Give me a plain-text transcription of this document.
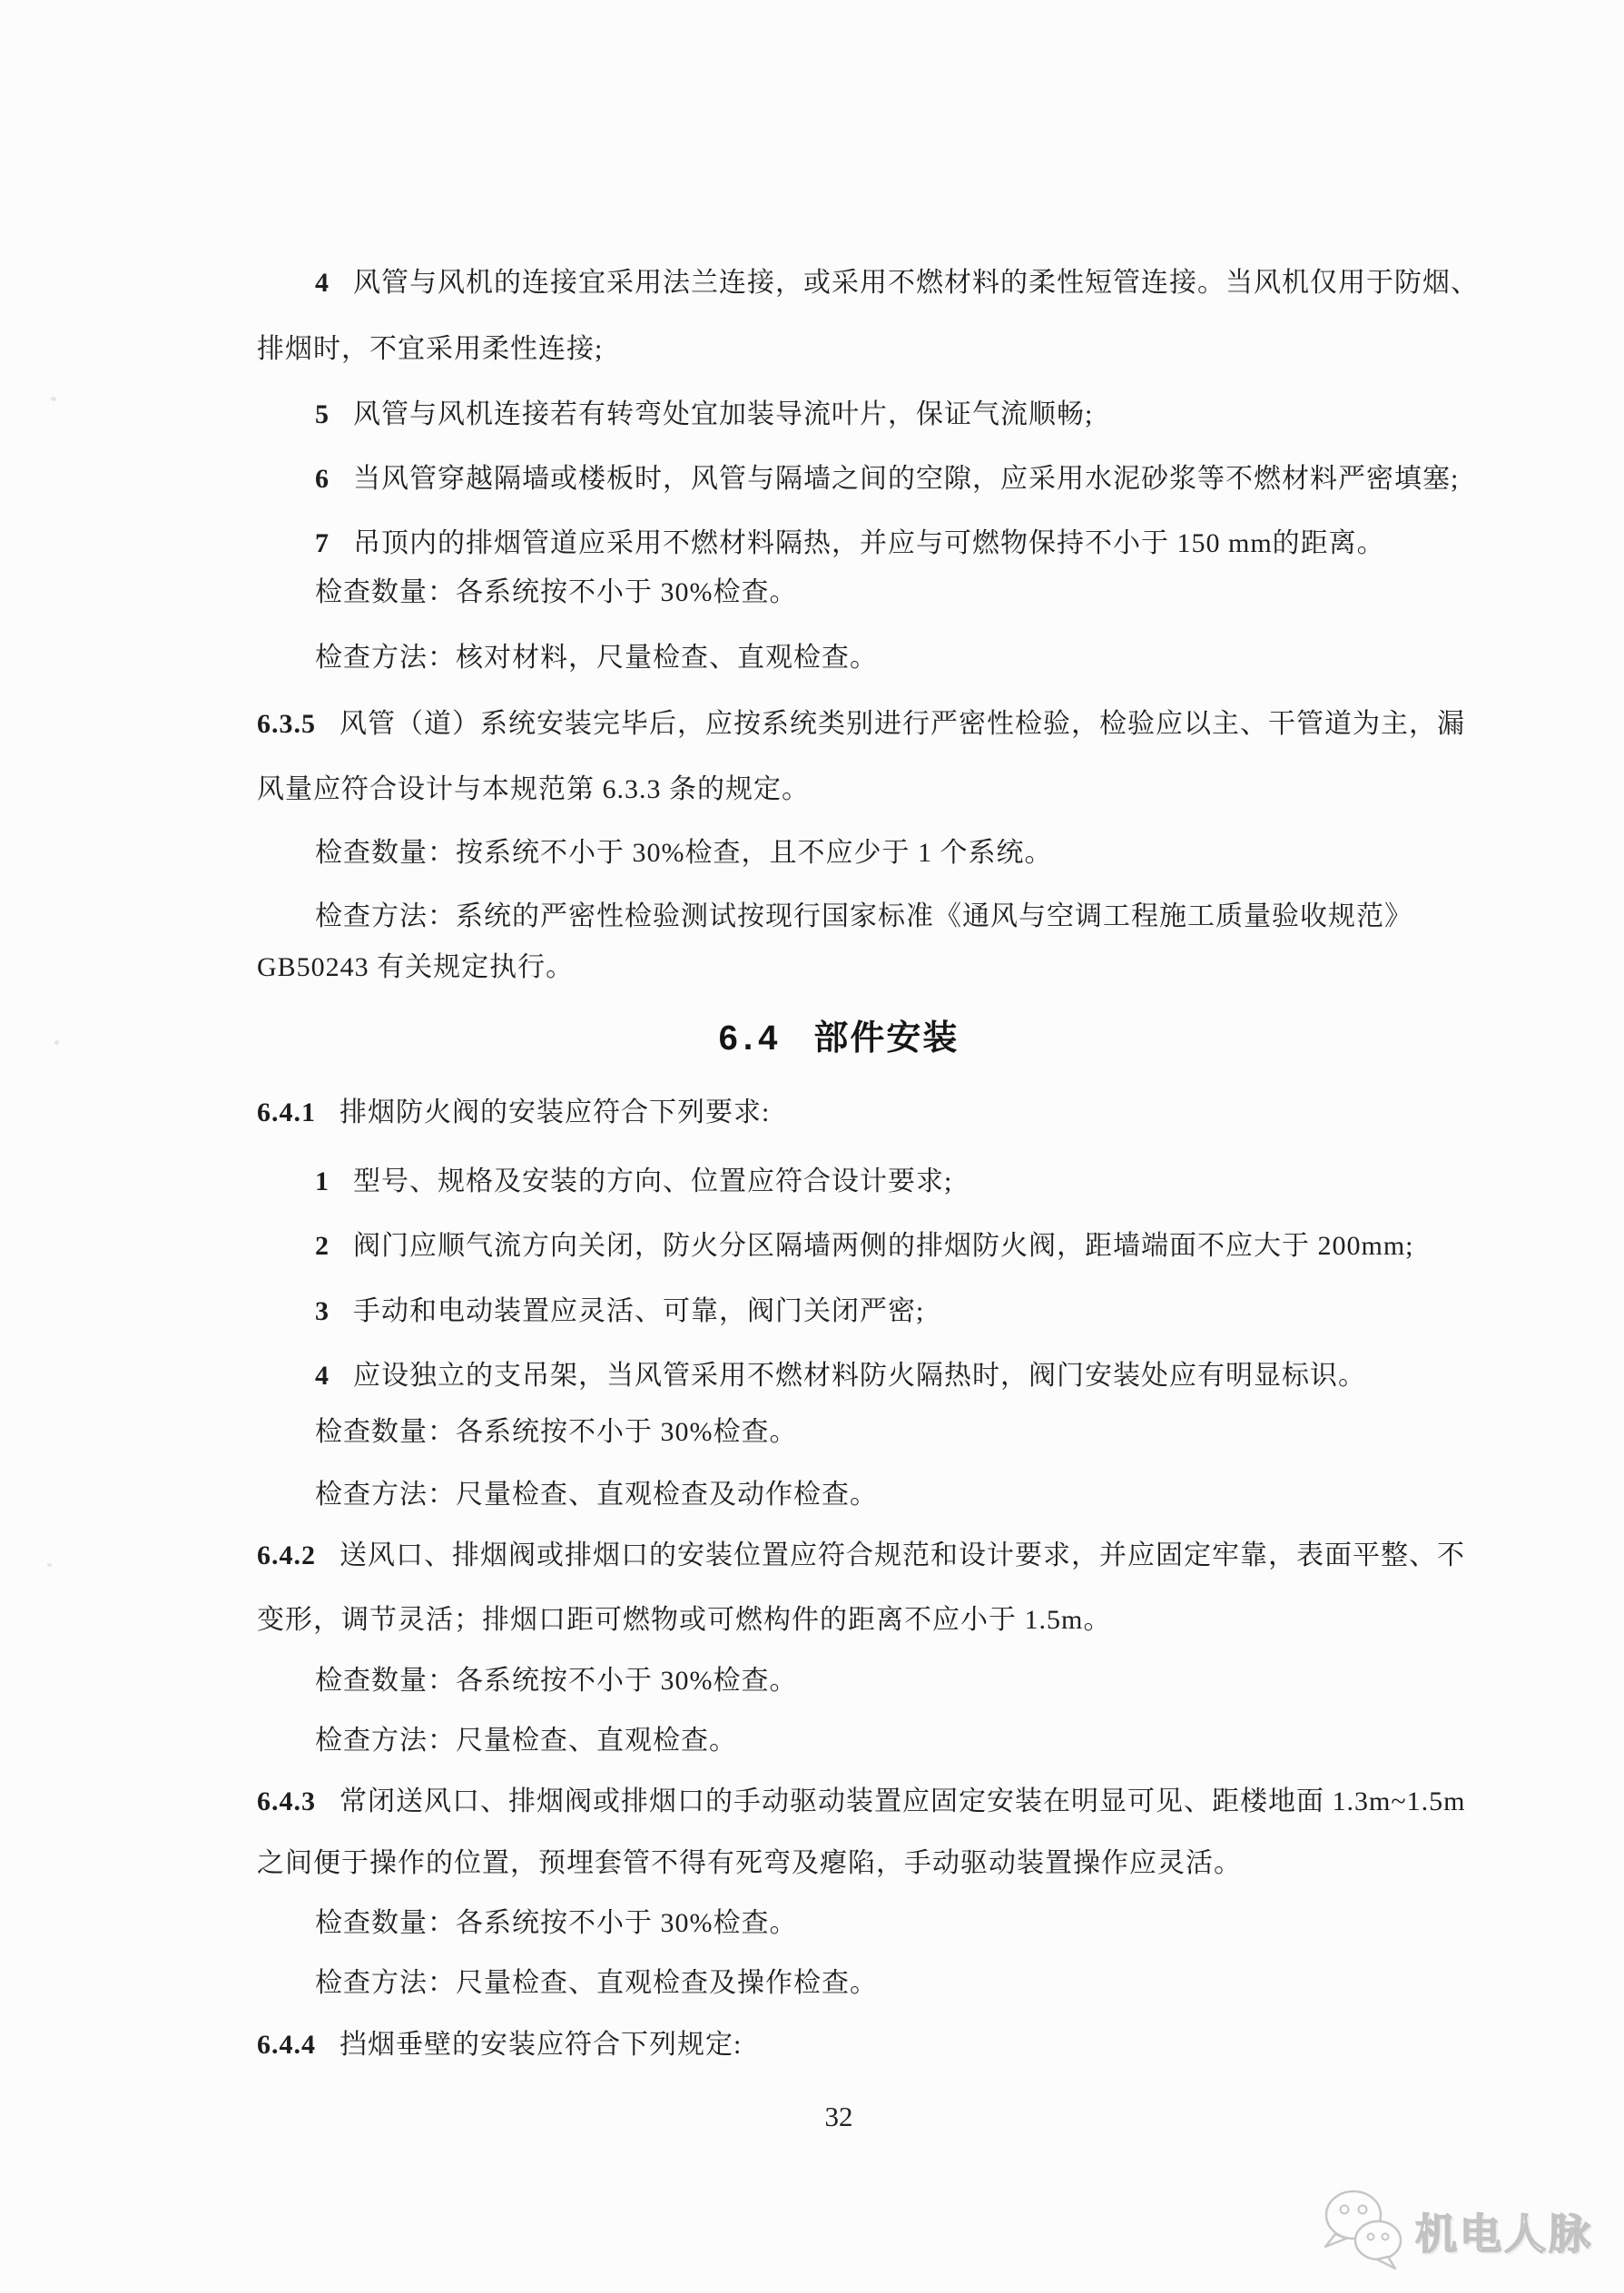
4 风管与风机的连接宜采用法兰连接，或采用不燃材料的柔性短管连接。当风机仅用于防烟、
排烟时，不宜采用柔性连接;
5 风管与风机连接若有转弯处宜加装导流叶片，保证气流顺畅;
6 当风管穿越隔墙或楼板时，风管与隔墙之间的空隙，应采用水泥砂浆等不燃材料严密填塞;
7 吊顶内的排烟管道应采用不燃材料隔热，并应与可燃物保持不小于 150 mm的距离。
检查数量：各系统按不小于 30%检查。
检查方法：核对材料，尺量检查、直观检查。
6.3.5 风管（道）系统安装完毕后，应按系统类别进行严密性检验，检验应以主、干管道为主，漏
风量应符合设计与本规范第 6.3.3 条的规定。
检查数量：按系统不小于 30%检查，且不应少于 1 个系统。
检查方法：系统的严密性检验测试按现行国家标准《通风与空调工程施工质量验收规范》
GB50243 有关规定执行。
6.4.1 排烟防火阀的安装应符合下列要求:
1 型号、规格及安装的方向、位置应符合设计要求;
2 阀门应顺气流方向关闭，防火分区隔墙两侧的排烟防火阀，距墙端面不应大于 200mm;
3 手动和电动装置应灵活、可靠，阀门关闭严密;
4 应设独立的支吊架，当风管采用不燃材料防火隔热时，阀门安装处应有明显标识。
检查数量：各系统按不小于 30%检查。
检查方法：尺量检查、直观检查及动作检查。
6.4.2 送风口、排烟阀或排烟口的安装位置应符合规范和设计要求，并应固定牢靠，表面平整、不
变形，调节灵活；排烟口距可燃物或可燃构件的距离不应小于 1.5m。
检查数量：各系统按不小于 30%检查。
检查方法：尺量检查、直观检查。
6.4.3 常闭送风口、排烟阀或排烟口的手动驱动装置应固定安装在明显可见、距楼地面 1.3m~1.5m
之间便于操作的位置，预埋套管不得有死弯及瘪陷，手动驱动装置操作应灵活。
检查数量：各系统按不小于 30%检查。
检查方法：尺量检查、直观检查及操作检查。
6.4.4 挡烟垂壁的安装应符合下列规定:
6.4 部件安装
32
机电人脉
